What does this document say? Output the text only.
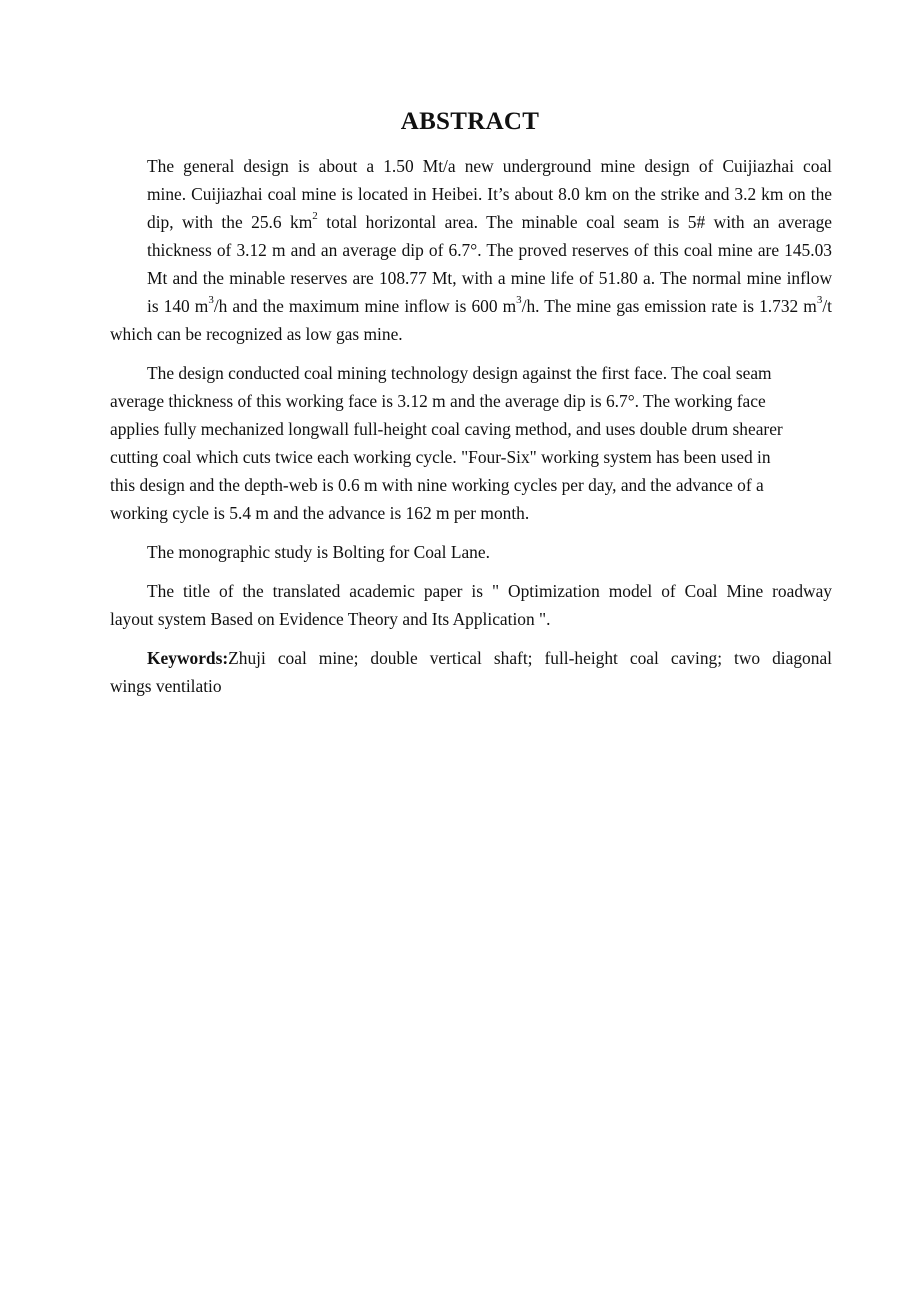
ABSTRACT

The general design is about a 1.50 Mt/a new underground mine design of Cuijiazhai coal
mine. Cuijiazhai coal mine is located in Heibei. It’s about 8.0 km on the strike and 3.2 km on the
dip, with the 25.6 $km^2$ total horizontal area. The minable coal seam is 5# with an average
thickness of 3.12 m and an average dip of 6.7°. The proved reserves of this coal mine are 145.03
Mt and the minable reserves are 108.77 Mt, with a mine life of 51.80 a. The normal mine inflow
is 140 $m^3/h$ and the maximum mine inflow is 600 $m^3/h$. The mine gas emission rate is 1.732 $m^3/t$
which can be recognized as low gas mine.

The design conducted coal mining technology design against the first face. The coal seam
average thickness of this working face is 3.12 m and the average dip is 6.7°. The working face
applies fully mechanized longwall full-height coal caving method, and uses double drum shearer
cutting coal which cuts twice each working cycle. "Four-Six" working system has been used in
this design and the depth-web is 0.6 m with nine working cycles per day, and the advance of a
working cycle is 5.4 m and the advance is 162 m per month.

The monographic study is Bolting for Coal Lane.

The title of the translated academic paper is " Optimization model of Coal Mine roadway
layout system Based on Evidence Theory and Its Application ".

Keywords:Zhuji coal mine; double vertical shaft; full-height coal caving; two diagonal
wings ventilatio
